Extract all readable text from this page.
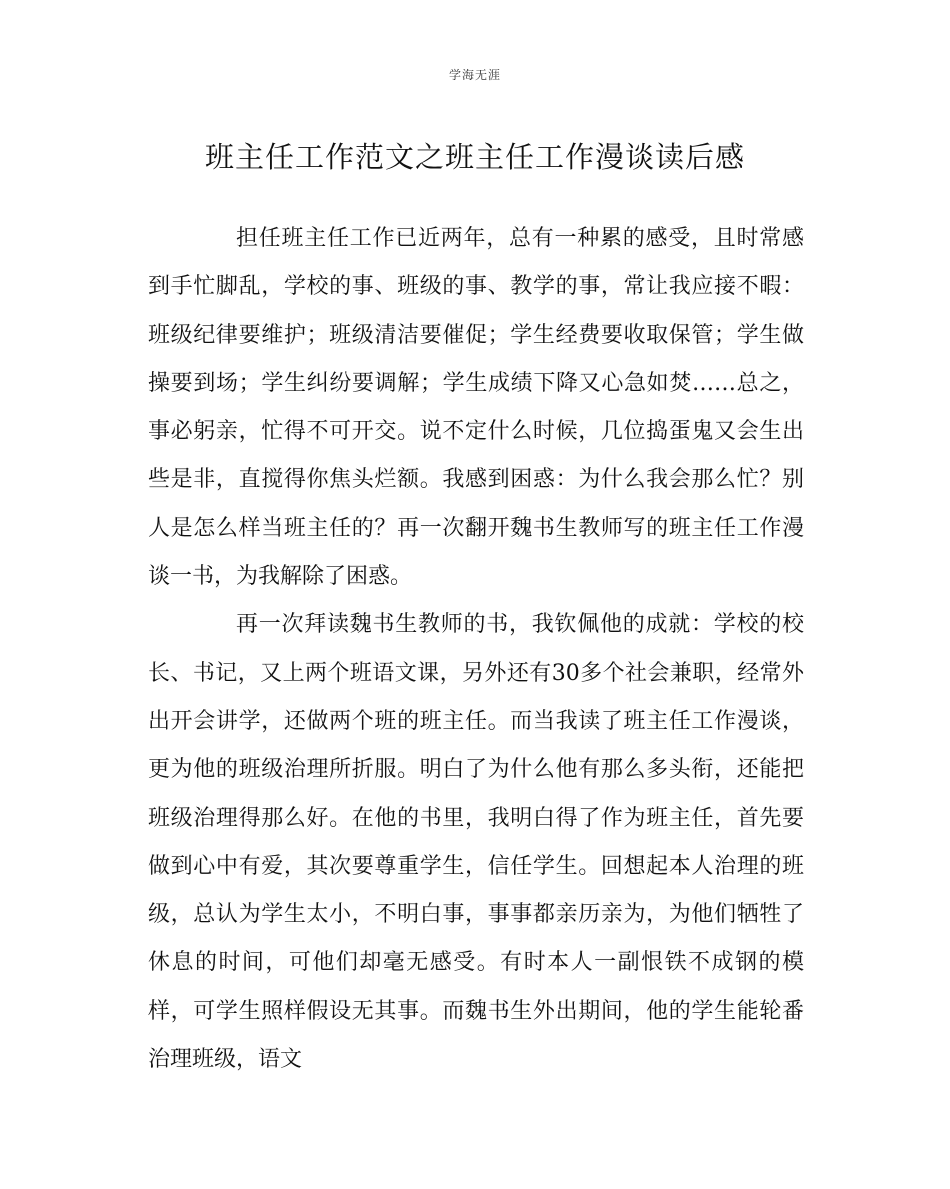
学海无涯
班主任工作范文之班主任工作漫谈读后感

担任班主任工作已近两年，总有一种累的感受，且时常感到手忙脚乱，学校的事、班级的事、教学的事，常让我应接不暇：班级纪律要维护；班级清洁要催促；学生经费要收取保管；学生做操要到场；学生纠纷要调解；学生成绩下降又心急如焚……总之，事必躬亲，忙得不可开交。说不定什么时候，几位捣蛋鬼又会生出些是非，直搅得你焦头烂额。我感到困惑：为什么我会那么忙？别人是怎么样当班主任的？再一次翻开魏书生教师写的班主任工作漫谈一书，为我解除了困惑。

再一次拜读魏书生教师的书，我钦佩他的成就：学校的校长、书记，又上两个班语文课，另外还有30多个社会兼职，经常外出开会讲学，还做两个班的班主任。而当我读了班主任工作漫谈，更为他的班级治理所折服。明白了为什么他有那么多头衔，还能把班级治理得那么好。在他的书里，我明白得了作为班主任，首先要做到心中有爱，其次要尊重学生，信任学生。回想起本人治理的班级，总认为学生太小，不明白事，事事都亲历亲为，为他们牺牲了休息的时间，可他们却毫无感受。有时本人一副恨铁不成钢的模样，可学生照样假设无其事。而魏书生外出期间，他的学生能轮番治理班级，语文
